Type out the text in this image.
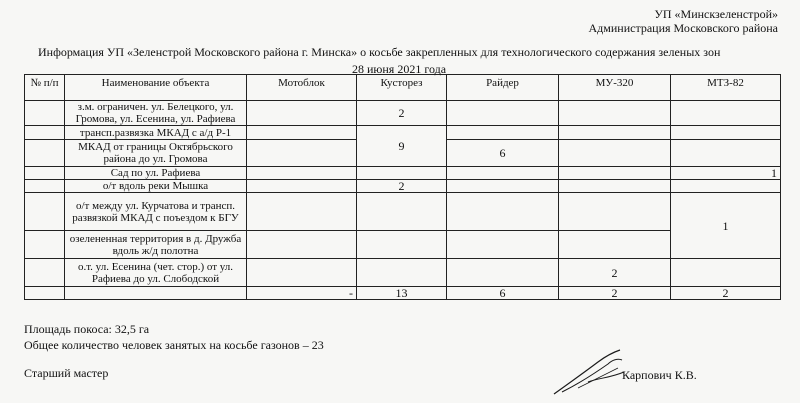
УП «Минскзеленстрой»
Администрация Московского района
Информация УП «Зеленстрой Московского района г. Минска» о косьбе закрепленных для технологического содержания зеленых зон
28 июня 2021 года
№ п/п	Наименование объекта	Мотоблок	Кусторез	Райдер	МУ-320	МТЗ-82
	з.м. ограничен. ул. Белецкого, ул. Громова, ул. Есенина, ул. Рафиева		2			
	трансп.развязка МКАД с а/д Р-1		9			
	МКАД от границы Октябрьского района до ул. Громова			6		
	Сад по ул. Рафиева					1
	о/т вдоль реки Мышка		2			
	о/т между ул. Курчатова и трансп. развязкой МКАД с поъездом к БГУ					1
	озелененная территория в д. Дружба вдоль ж/д полотна					
	о.т. ул. Есенина (чет. стор.) от ул. Рафиева до ул. Слободской				2	
		-	13	6	2	2
Площадь покоса: 32,5 га
Общее количество человек занятых на косьбе газонов – 23
Старший мастер	Карпович К.В.
